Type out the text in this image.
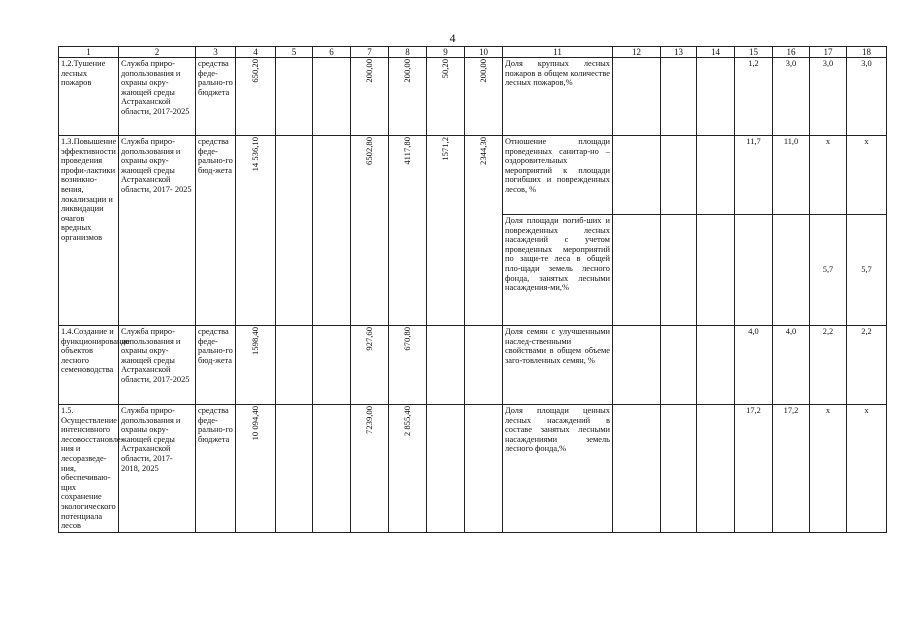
4
1	2	3	4	5	6	7	8	9	10	11	12	13	14	15	16	17	18
1.2.Тушение лесных пожаров	Служба приро-допользования и охраны окру-жающей среды Астраханской области, 2017-2025	средства феде-рально-го бюджета	650,20			200,00	200,00	50,20	200,00	Доля крупных лесных пожаров в общем количестве лесных пожаров,%				1,2	3,0	3,0	3,0
1.3.Повышение эффективности проведения профи-лактики возникно-вения, локализации и ликвидации очагов вредных организмов	Служба приро-допользования и охраны окру-жающей среды Астраханской области, 2017- 2025	средства феде-рально-го бюд-жета	14 536,10			6502,80	4117,80	1571,2	2344,30	Отношение площади проведенных санитар-но – оздоровительных мероприятий к площади погибших и поврежденных лесов, %				11,7	11,0	х	х
										Доля площади погиб-ших и поврежденных лесных насаждений с учетом проведенных мероприятий по защи-те леса в общей пло-щади земель лесного фонда, занятых лесными насаждения-ми,%						5,7	5,7
1.4.Создание и функционирование объектов лесного семеноводства	Служба приро-допользования и охраны окру-жающей среды Астраханской области, 2017-2025	средства феде-рально-го бюд-жета	1598,40			927,60	670,80			Доля семян с улучшенными наслед-ственными свойствами в общем объеме заго-товленных семян, %				4,0	4,0	2,2	2,2
1.5. Осуществление интенсивного лесовосстановле-ния и лесоразведе-ния, обеспечиваю-щих сохранение экологического потенциала лесов	Служба приро-допользования и охраны окру-жающей среды Астраханской области, 2017- 2018, 2025	средства феде-рально-го бюджета	10 094,40			7239,00	2 855,40			Доля площади ценных лесных насаждений в составе занятых лесными насаждениями земель лесного фонда,%				17,2	17,2	х	х
